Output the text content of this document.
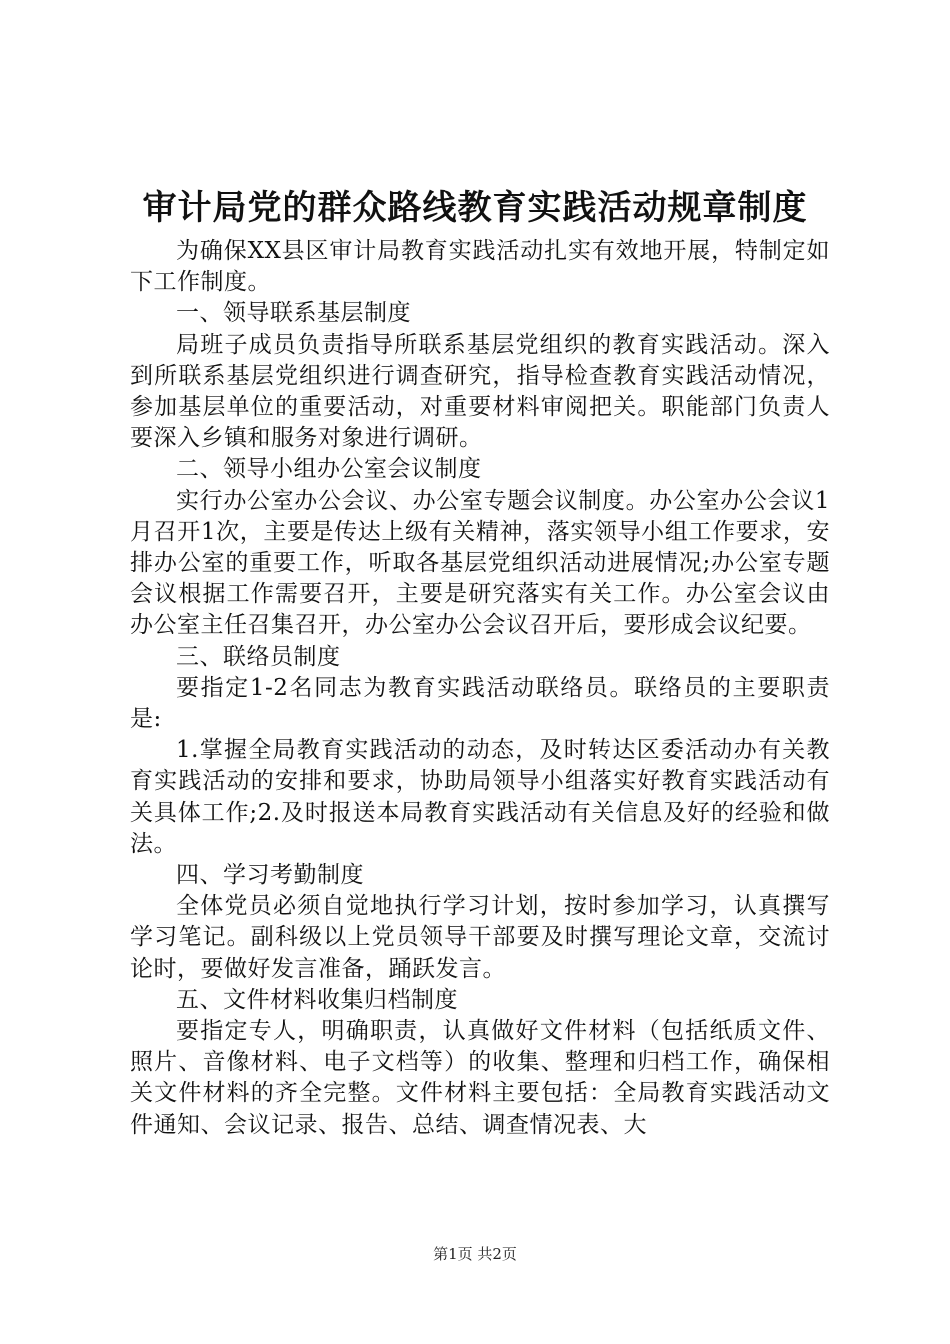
审计局党的群众路线教育实践活动规章制度

为确保XX县区审计局教育实践活动扎实有效地开展，特制定如下工作制度。

一、领导联系基层制度

局班子成员负责指导所联系基层党组织的教育实践活动。深入到所联系基层党组织进行调查研究，指导检查教育实践活动情况，参加基层单位的重要活动，对重要材料审阅把关。职能部门负责人要深入乡镇和服务对象进行调研。

二、领导小组办公室会议制度

实行办公室办公会议、办公室专题会议制度。办公室办公会议1月召开1次，主要是传达上级有关精神，落实领导小组工作要求，安排办公室的重要工作，听取各基层党组织活动进展情况;办公室专题会议根据工作需要召开，主要是研究落实有关工作。办公室会议由办公室主任召集召开，办公室办公会议召开后，要形成会议纪要。

三、联络员制度

要指定1-2名同志为教育实践活动联络员。联络员的主要职责是:

1.掌握全局教育实践活动的动态，及时转达区委活动办有关教育实践活动的安排和要求，协助局领导小组落实好教育实践活动有关具体工作;2.及时报送本局教育实践活动有关信息及好的经验和做法。

四、学习考勤制度

全体党员必须自觉地执行学习计划，按时参加学习，认真撰写学习笔记。副科级以上党员领导干部要及时撰写理论文章，交流讨论时，要做好发言准备，踊跃发言。

五、文件材料收集归档制度

要指定专人，明确职责，认真做好文件材料（包括纸质文件、照片、音像材料、电子文档等）的收集、整理和归档工作，确保相关文件材料的齐全完整。文件材料主要包括：全局教育实践活动文件通知、会议记录、报告、总结、调查情况表、大

第1页 共2页
